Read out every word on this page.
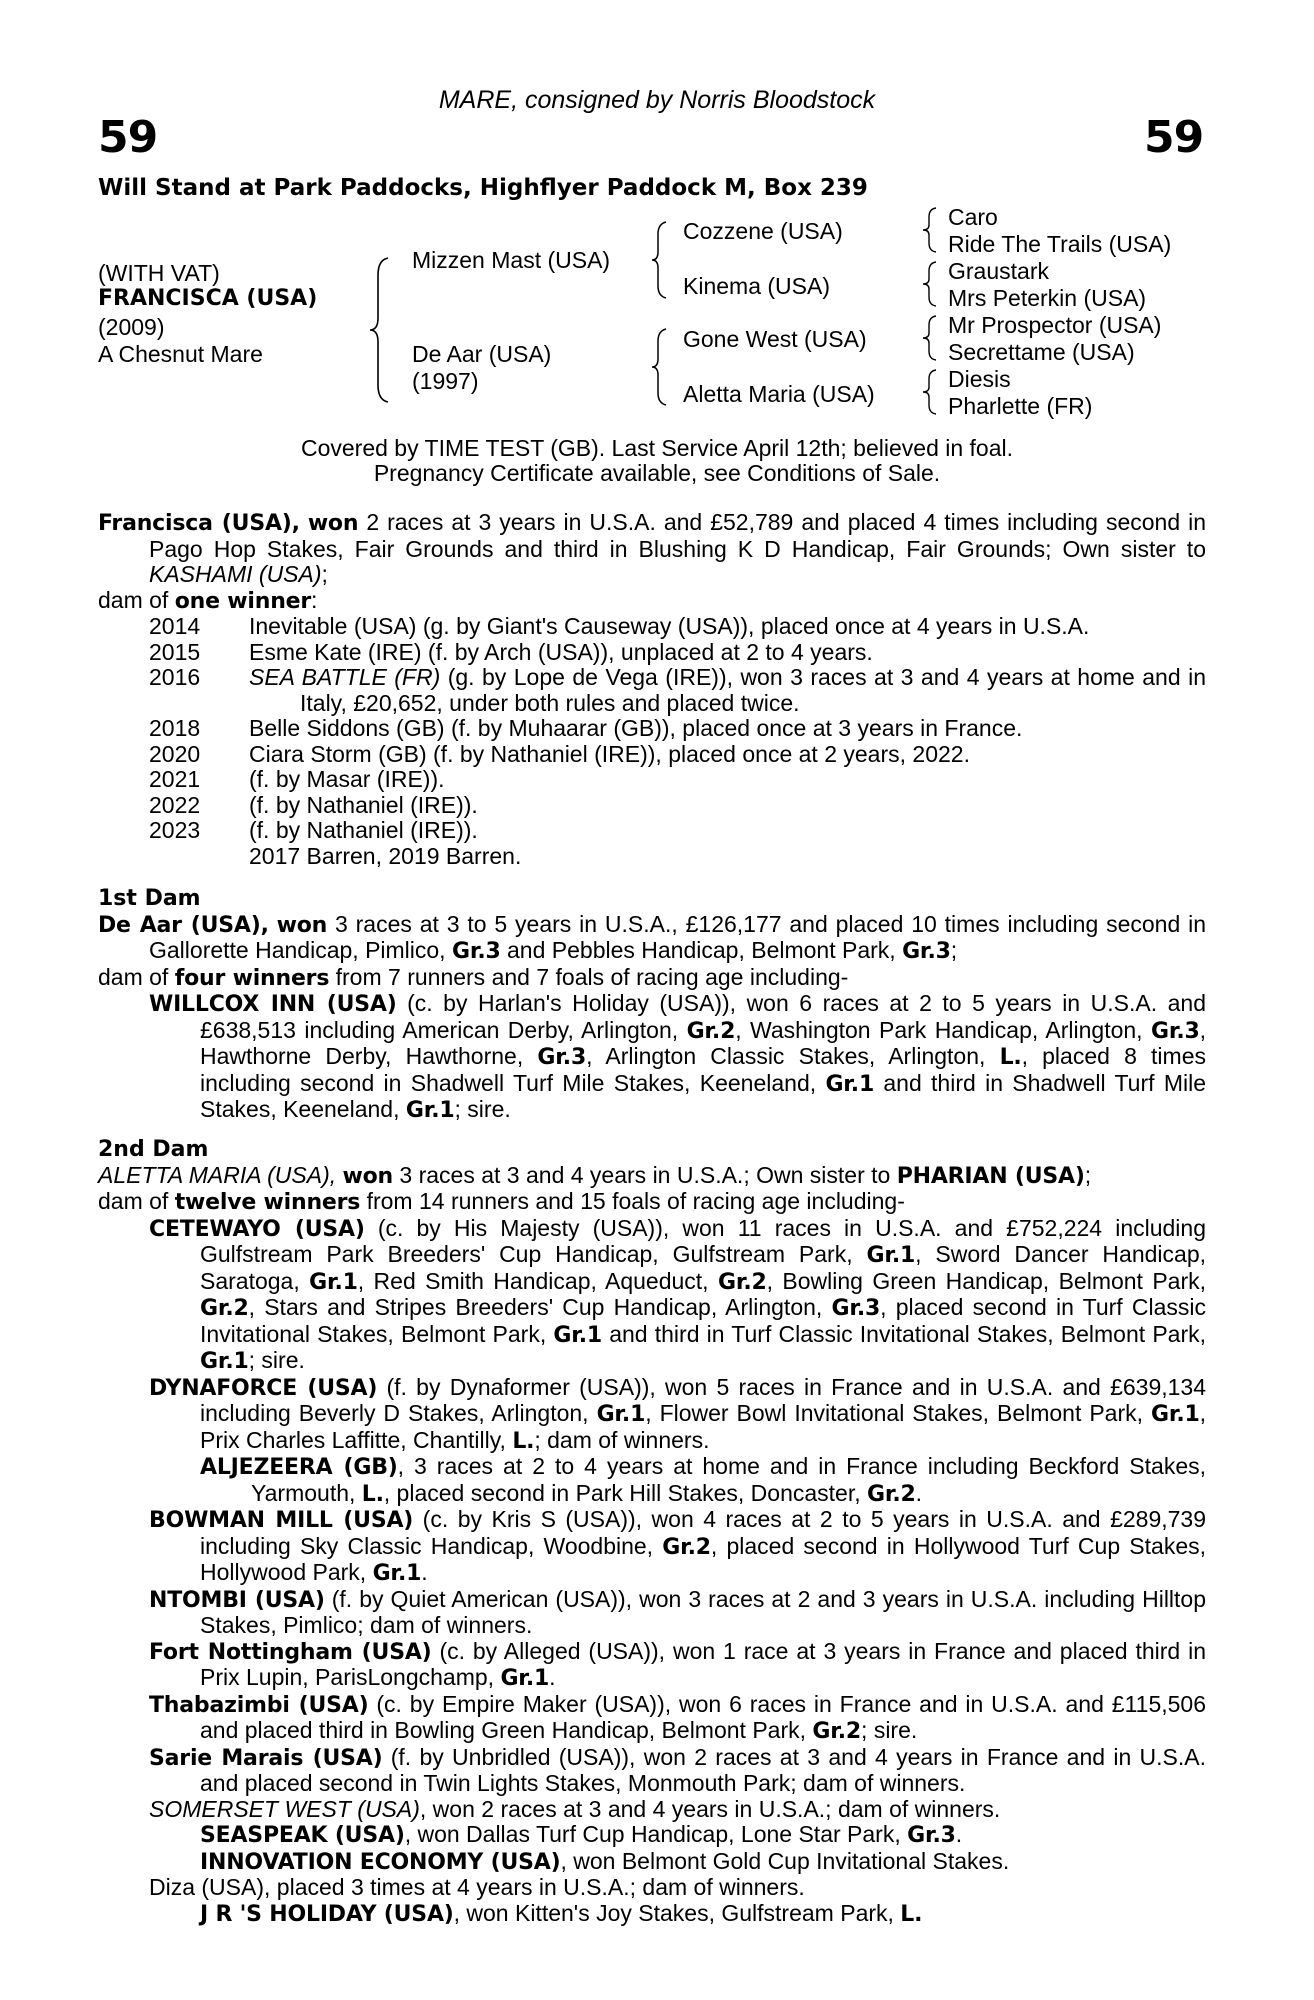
MARE, consigned by Norris Bloodstock
59	59
Will Stand at Park Paddocks, Highflyer Paddock M, Box 239
(WITH VAT)
FRANCISCA (USA)
(2009)
A Chesnut Mare
Mizzen Mast (USA)
De Aar (USA)
(1997)
Cozzene (USA)
Kinema (USA)
Gone West (USA)
Aletta Maria (USA)
Caro
Ride The Trails (USA)
Graustark
Mrs Peterkin (USA)
Mr Prospector (USA)
Secrettame (USA)
Diesis
Pharlette (FR)
Covered by TIME TEST (GB). Last Service April 12th; believed in foal.
Pregnancy Certificate available, see Conditions of Sale.

Francisca (USA), won 2 races at 3 years in U.S.A. and £52,789 and placed 4 times including second in Pago Hop Stakes, Fair Grounds and third in Blushing K D Handicap, Fair Grounds; Own sister to KASHAMI (USA);

dam of one winner:

2014	Inevitable (USA) (g. by Giant's Causeway (USA)), placed once at 4 years in U.S.A.
2015	Esme Kate (IRE) (f. by Arch (USA)), unplaced at 2 to 4 years.
2016	SEA BATTLE (FR) (g. by Lope de Vega (IRE)), won 3 races at 3 and 4 years at home and in Italy, £20,652, under both rules and placed twice.
2018	Belle Siddons (GB) (f. by Muhaarar (GB)), placed once at 3 years in France.
2020	Ciara Storm (GB) (f. by Nathaniel (IRE)), placed once at 2 years, 2022.
2021	(f. by Masar (IRE)).
2022	(f. by Nathaniel (IRE)).
2023	(f. by Nathaniel (IRE)).
2017 Barren, 2019 Barren.

1st Dam

De Aar (USA), won 3 races at 3 to 5 years in U.S.A., £126,177 and placed 10 times including second in Gallorette Handicap, Pimlico, Gr.3 and Pebbles Handicap, Belmont Park, Gr.3;

dam of four winners from 7 runners and 7 foals of racing age including-

WILLCOX INN (USA) (c. by Harlan's Holiday (USA)), won 6 races at 2 to 5 years in U.S.A. and £638,513 including American Derby, Arlington, Gr.2, Washington Park Handicap, Arlington, Gr.3, Hawthorne Derby, Hawthorne, Gr.3, Arlington Classic Stakes, Arlington, L., placed 8 times including second in Shadwell Turf Mile Stakes, Keeneland, Gr.1 and third in Shadwell Turf Mile Stakes, Keeneland, Gr.1; sire.

2nd Dam

ALETTA MARIA (USA), won 3 races at 3 and 4 years in U.S.A.; Own sister to PHARIAN (USA);

dam of twelve winners from 14 runners and 15 foals of racing age including-

CETEWAYO (USA) (c. by His Majesty (USA)), won 11 races in U.S.A. and £752,224 including Gulfstream Park Breeders' Cup Handicap, Gulfstream Park, Gr.1, Sword Dancer Handicap, Saratoga, Gr.1, Red Smith Handicap, Aqueduct, Gr.2, Bowling Green Handicap, Belmont Park, Gr.2, Stars and Stripes Breeders' Cup Handicap, Arlington, Gr.3, placed second in Turf Classic Invitational Stakes, Belmont Park, Gr.1 and third in Turf Classic Invitational Stakes, Belmont Park, Gr.1; sire.

DYNAFORCE (USA) (f. by Dynaformer (USA)), won 5 races in France and in U.S.A. and £639,134 including Beverly D Stakes, Arlington, Gr.1, Flower Bowl Invitational Stakes, Belmont Park, Gr.1, Prix Charles Laffitte, Chantilly, L.; dam of winners.

ALJEZEERA (GB), 3 races at 2 to 4 years at home and in France including Beckford Stakes, Yarmouth, L., placed second in Park Hill Stakes, Doncaster, Gr.2.

BOWMAN MILL (USA) (c. by Kris S (USA)), won 4 races at 2 to 5 years in U.S.A. and £289,739 including Sky Classic Handicap, Woodbine, Gr.2, placed second in Hollywood Turf Cup Stakes, Hollywood Park, Gr.1.

NTOMBI (USA) (f. by Quiet American (USA)), won 3 races at 2 and 3 years in U.S.A. including Hilltop Stakes, Pimlico; dam of winners.

Fort Nottingham (USA) (c. by Alleged (USA)), won 1 race at 3 years in France and placed third in Prix Lupin, ParisLongchamp, Gr.1.

Thabazimbi (USA) (c. by Empire Maker (USA)), won 6 races in France and in U.S.A. and £115,506 and placed third in Bowling Green Handicap, Belmont Park, Gr.2; sire.

Sarie Marais (USA) (f. by Unbridled (USA)), won 2 races at 3 and 4 years in France and in U.S.A. and placed second in Twin Lights Stakes, Monmouth Park; dam of winners.

SOMERSET WEST (USA), won 2 races at 3 and 4 years in U.S.A.; dam of winners.

SEASPEAK (USA), won Dallas Turf Cup Handicap, Lone Star Park, Gr.3.

INNOVATION ECONOMY (USA), won Belmont Gold Cup Invitational Stakes.

Diza (USA), placed 3 times at 4 years in U.S.A.; dam of winners.

J R 'S HOLIDAY (USA), won Kitten's Joy Stakes, Gulfstream Park, L.
